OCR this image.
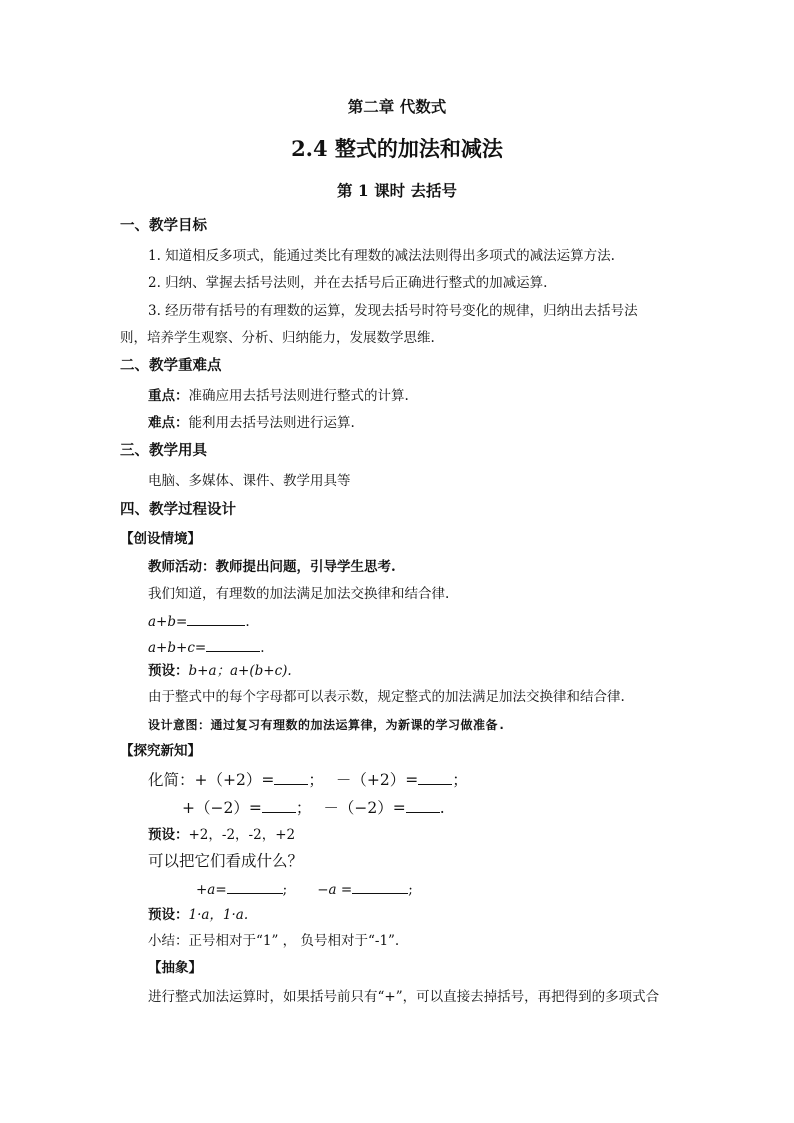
第二章 代数式
2.4 整式的加法和减法
第 1 课时 去括号
一、教学目标
1. 知道相反多项式，能通过类比有理数的减法法则得出多项式的减法运算方法.
2. 归纳、掌握去括号法则，并在去括号后正确进行整式的加减运算.
3. 经历带有括号的有理数的运算，发现去括号时符号变化的规律，归纳出去括号法
则，培养学生观察、分析、归纳能力，发展数学思维.
二、教学重难点
重点：准确应用去括号法则进行整式的计算.
难点：能利用去括号法则进行运算.
三、教学用具
电脑、多媒体、课件、教学用具等
四、教学过程设计
【创设情境】
教师活动：教师提出问题，引导学生思考.
我们知道，有理数的加法满足加法交换律和结合律.
a+b=	.
a+b+c=	.
预设：b+a；a+(b+c).
由于整式中的每个字母都可以表示数，规定整式的加法满足加法交换律和结合律.
设计意图：通过复习有理数的加法运算律，为新课的学习做准备.
【探究新知】
化简：+（+2）= ； －（+2）= ；
+（−2）= ； －（−2）= .
预设：+2，-2，-2，+2
可以把它们看成什么？
+a=	; −a =	;
预设：1·a，1·a.
小结：正号相对于“1” ， 负号相对于“-1”.
【抽象】
进行整式加法运算时，如果括号前只有“+”，可以直接去掉括号，再把得到的多项式合
